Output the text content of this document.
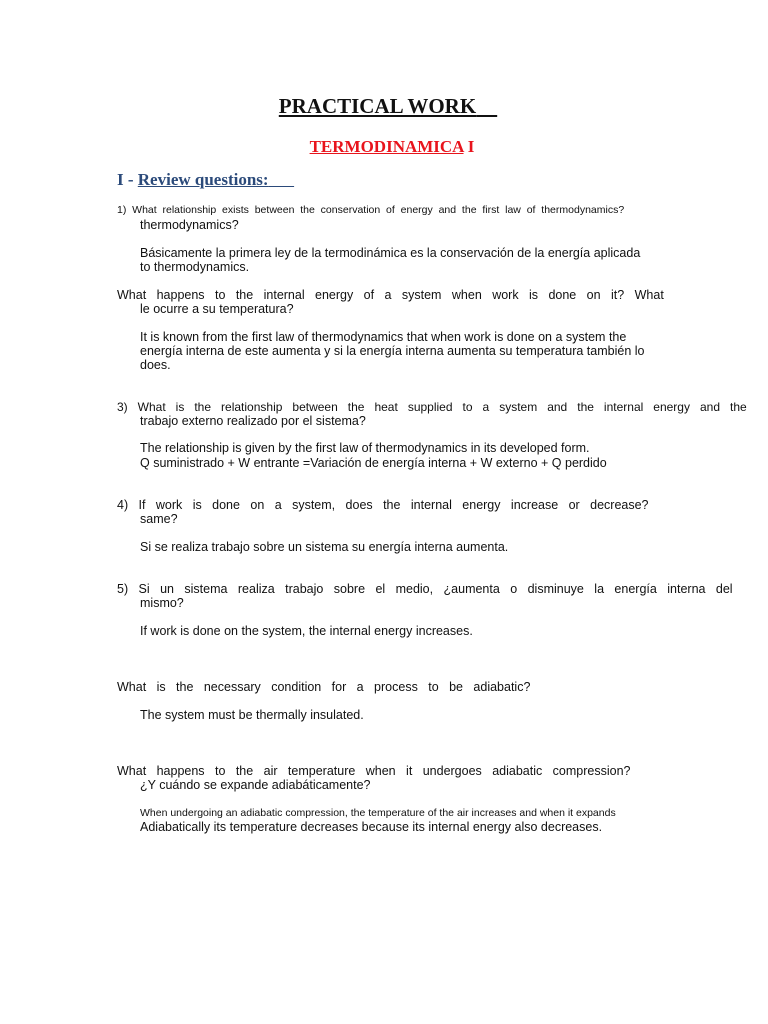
PRACTICAL WORK
TERMODINAMICA I
I - Review questions:
1)  What  relationship  exists  between  the  conservation  of  energy  and  the  first  law  of  thermodynamics?
thermodynamics?
Básicamente la primera ley de la termodinámica es la conservación de la energía aplicada
to thermodynamics.
What   happens   to   the   internal   energy   of   a   system   when   work   is   done   on   it?   What
le ocurre a su temperatura?
It is known from the first law of thermodynamics that when work is done on a system the
energía interna de este aumenta y si la energía interna aumenta su temperatura también lo
does.
3)   What   is   the   relationship   between   the   heat   supplied   to   a   system   and   the   internal   energy   and   the
trabajo externo realizado por el sistema?
The relationship is given by the first law of thermodynamics in its developed form.
Q suministrado + W entrante =Variación de energía interna + W externo + Q perdido
4)   If   work   is   done   on   a   system,   does   the   internal   energy   increase   or   decrease?
same?
Si se realiza trabajo sobre un sistema su energía interna aumenta.
5)   Si   un   sistema   realiza   trabajo   sobre   el   medio,   ¿aumenta   o   disminuye   la   energía   interna   del
mismo?
If work is done on the system, the internal energy increases.
What   is   the   necessary   condition   for   a   process   to   be   adiabatic?
The system must be thermally insulated.
What   happens   to   the   air   temperature   when   it   undergoes   adiabatic   compression?
¿Y cuándo se expande adiabáticamente?
When undergoing an adiabatic compression, the temperature of the air increases and when it expands
Adiabatically its temperature decreases because its internal energy also decreases.
